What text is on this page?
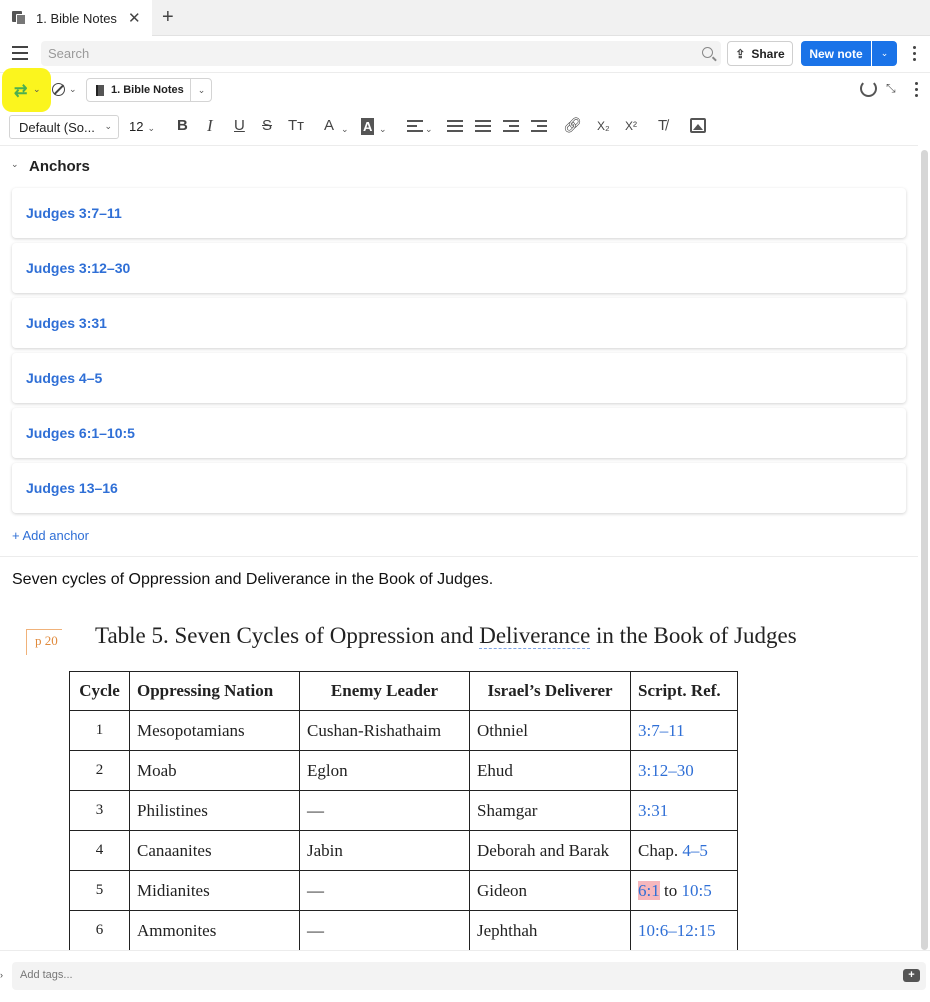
1. Bible Notes ✕ +
Search	⇪ Share	New note	⌄
⇄ ⌄	⌄	1. Bible Notes	⌄	⤡
Default (So... ⌄ 12 ⌄ B I U S Tт A ⌄ A ⌄	⌄	🔗︎ X₂ X² T̸
⌄ Anchors
Judges 3:7–11
Judges 3:12–30
Judges 3:31
Judges 4–5
Judges 6:1–10:5
Judges 13–16
+ Add anchor
Seven cycles of Oppression and Deliverance in the Book of Judges.
p 20 Table 5. Seven Cycles of Oppression and Deliverance in the Book of Judges
Cycle	Oppressing Nation	Enemy Leader	Israel’s Deliverer	Script. Ref.
1	Mesopotamians	Cushan-Rishathaim	Othniel	3:7–11
2	Moab	Eglon	Ehud	3:12–30
3	Philistines	—	Shamgar	3:31
4	Canaanites	Jabin	Deborah and Barak	Chap. 4–5
5	Midianites	—	Gideon	6:1 to 10:5
6	Ammonites	—	Jephthah	10:6–12:15
› Add tags...	+
